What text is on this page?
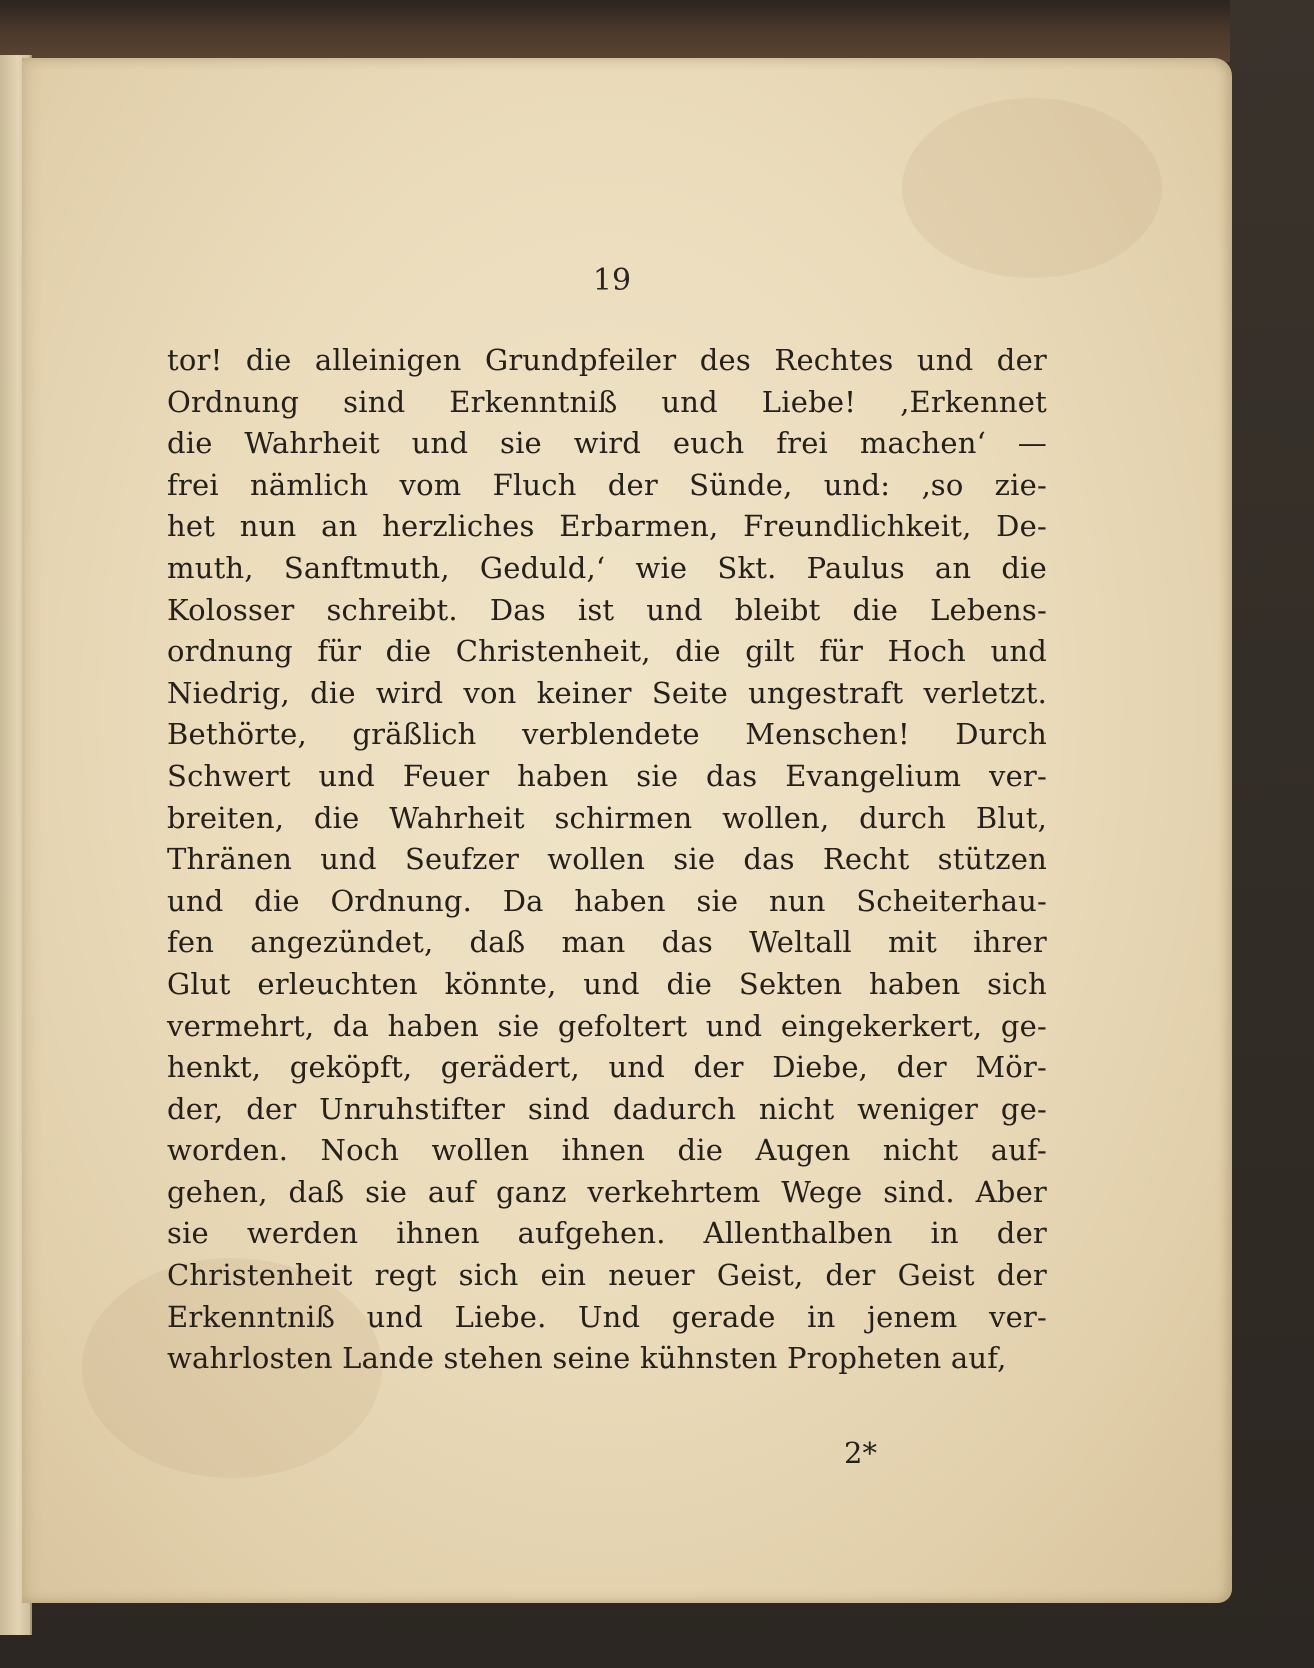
19
tor! die alleinigen Grundpfeiler des Rechtes und der
Ordnung sind Erkenntniß und Liebe! ‚Erkennet
die Wahrheit und sie wird euch frei machen‘ —
frei nämlich vom Fluch der Sünde, und: ‚so zie-
het nun an herzliches Erbarmen, Freundlichkeit, De-
muth, Sanftmuth, Geduld,‘ wie Skt. Paulus an die
Kolosser schreibt. Das ist und bleibt die Lebens-
ordnung für die Christenheit, die gilt für Hoch und
Niedrig, die wird von keiner Seite ungestraft verletzt.
Bethörte, gräßlich verblendete Menschen! Durch
Schwert und Feuer haben sie das Evangelium ver-
breiten, die Wahrheit schirmen wollen, durch Blut,
Thränen und Seufzer wollen sie das Recht stützen
und die Ordnung. Da haben sie nun Scheiterhau-
fen angezündet, daß man das Weltall mit ihrer
Glut erleuchten könnte, und die Sekten haben sich
vermehrt, da haben sie gefoltert und eingekerkert, ge-
henkt, geköpft, gerädert, und der Diebe, der Mör-
der, der Unruhstifter sind dadurch nicht weniger ge-
worden. Noch wollen ihnen die Augen nicht auf-
gehen, daß sie auf ganz verkehrtem Wege sind. Aber
sie werden ihnen aufgehen. Allenthalben in der
Christenheit regt sich ein neuer Geist, der Geist der
Erkenntniß und Liebe. Und gerade in jenem ver-
wahrlosten Lande stehen seine kühnsten Propheten auf,
2*
